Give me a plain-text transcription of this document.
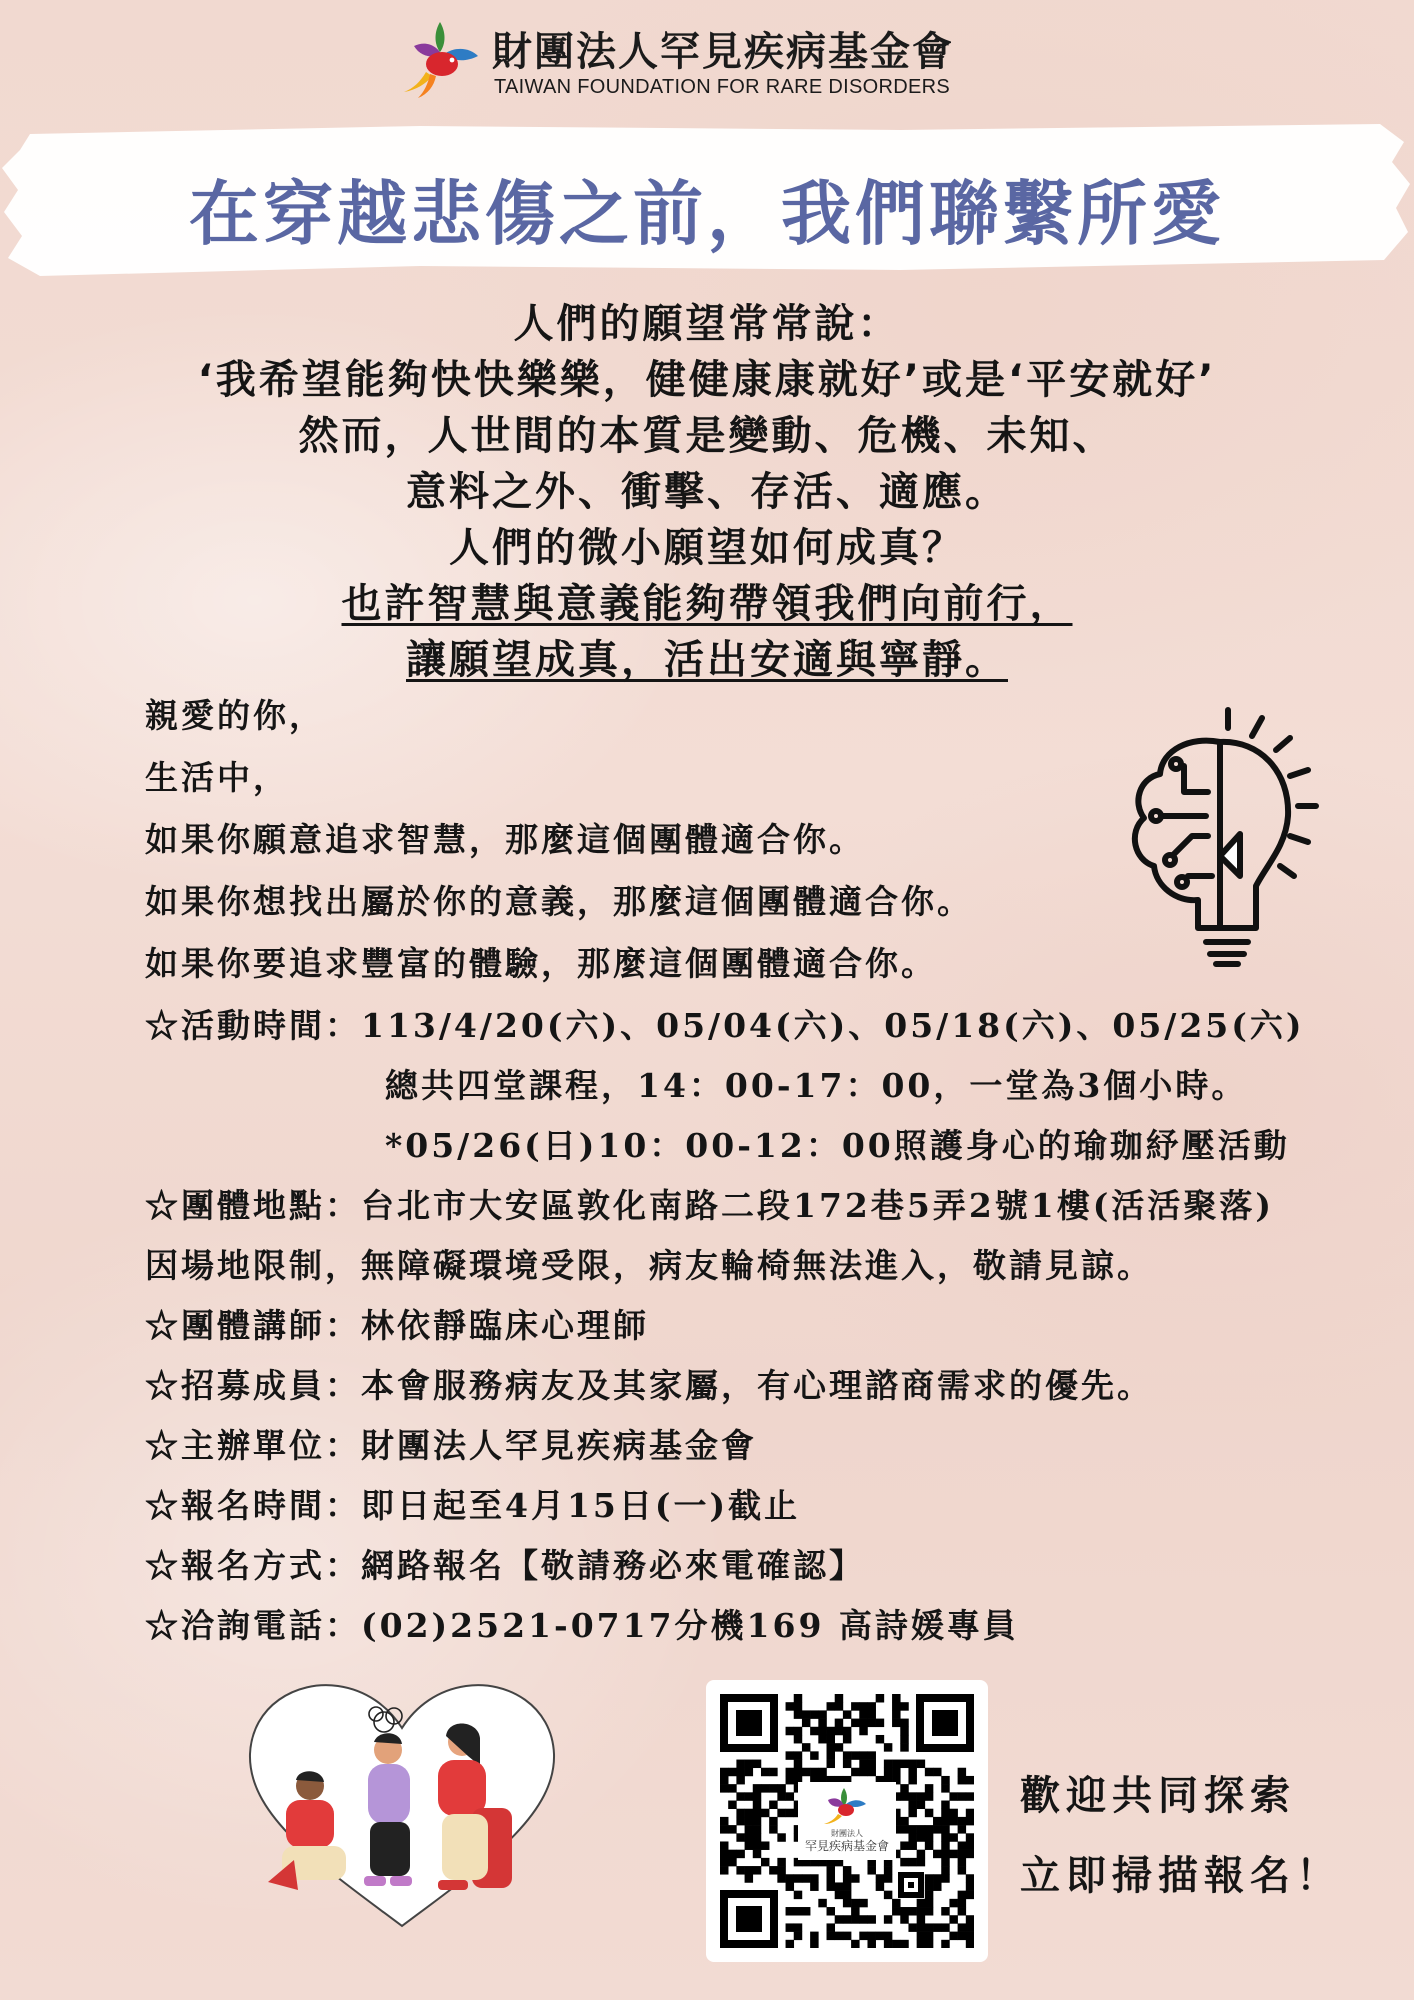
財團法人罕見疾病基金會
TAIWAN FOUNDATION FOR RARE DISORDERS
在穿越悲傷之前，我們聯繫所愛
人們的願望常常說：
‘我希望能夠快快樂樂，健健康康就好’或是‘平安就好’
然而，人世間的本質是變動、危機、未知、
意料之外、衝擊、存活、適應。
人們的微小願望如何成真？
也許智慧與意義能夠帶領我們向前行，
讓願望成真，活出安適與寧靜。
親愛的你，
生活中，
如果你願意追求智慧，那麼這個團體適合你。
如果你想找出屬於你的意義，那麼這個團體適合你。
如果你要追求豐富的體驗，那麼這個團體適合你。
☆活動時間：113/4/20(六)、05/04(六)、05/18(六)、05/25(六)
總共四堂課程，14：00-17：00，一堂為3個小時。
*05/26(日)10：00-12：00照護身心的瑜珈紓壓活動
☆團體地點：台北市大安區敦化南路二段172巷5弄2號1樓(活活聚落)
因場地限制，無障礙環境受限，病友輪椅無法進入，敬請見諒。
☆團體講師：林依靜臨床心理師
☆招募成員：本會服務病友及其家屬，有心理諮商需求的優先。
☆主辦單位：財團法人罕見疾病基金會
☆報名時間：即日起至4月15日(一)截止
☆報名方式：網路報名【敬請務必來電確認】
☆洽詢電話：(02)2521-0717分機169 高詩媛專員
財團法人
罕見疾病基金會
歡迎共同探索
立即掃描報名！
